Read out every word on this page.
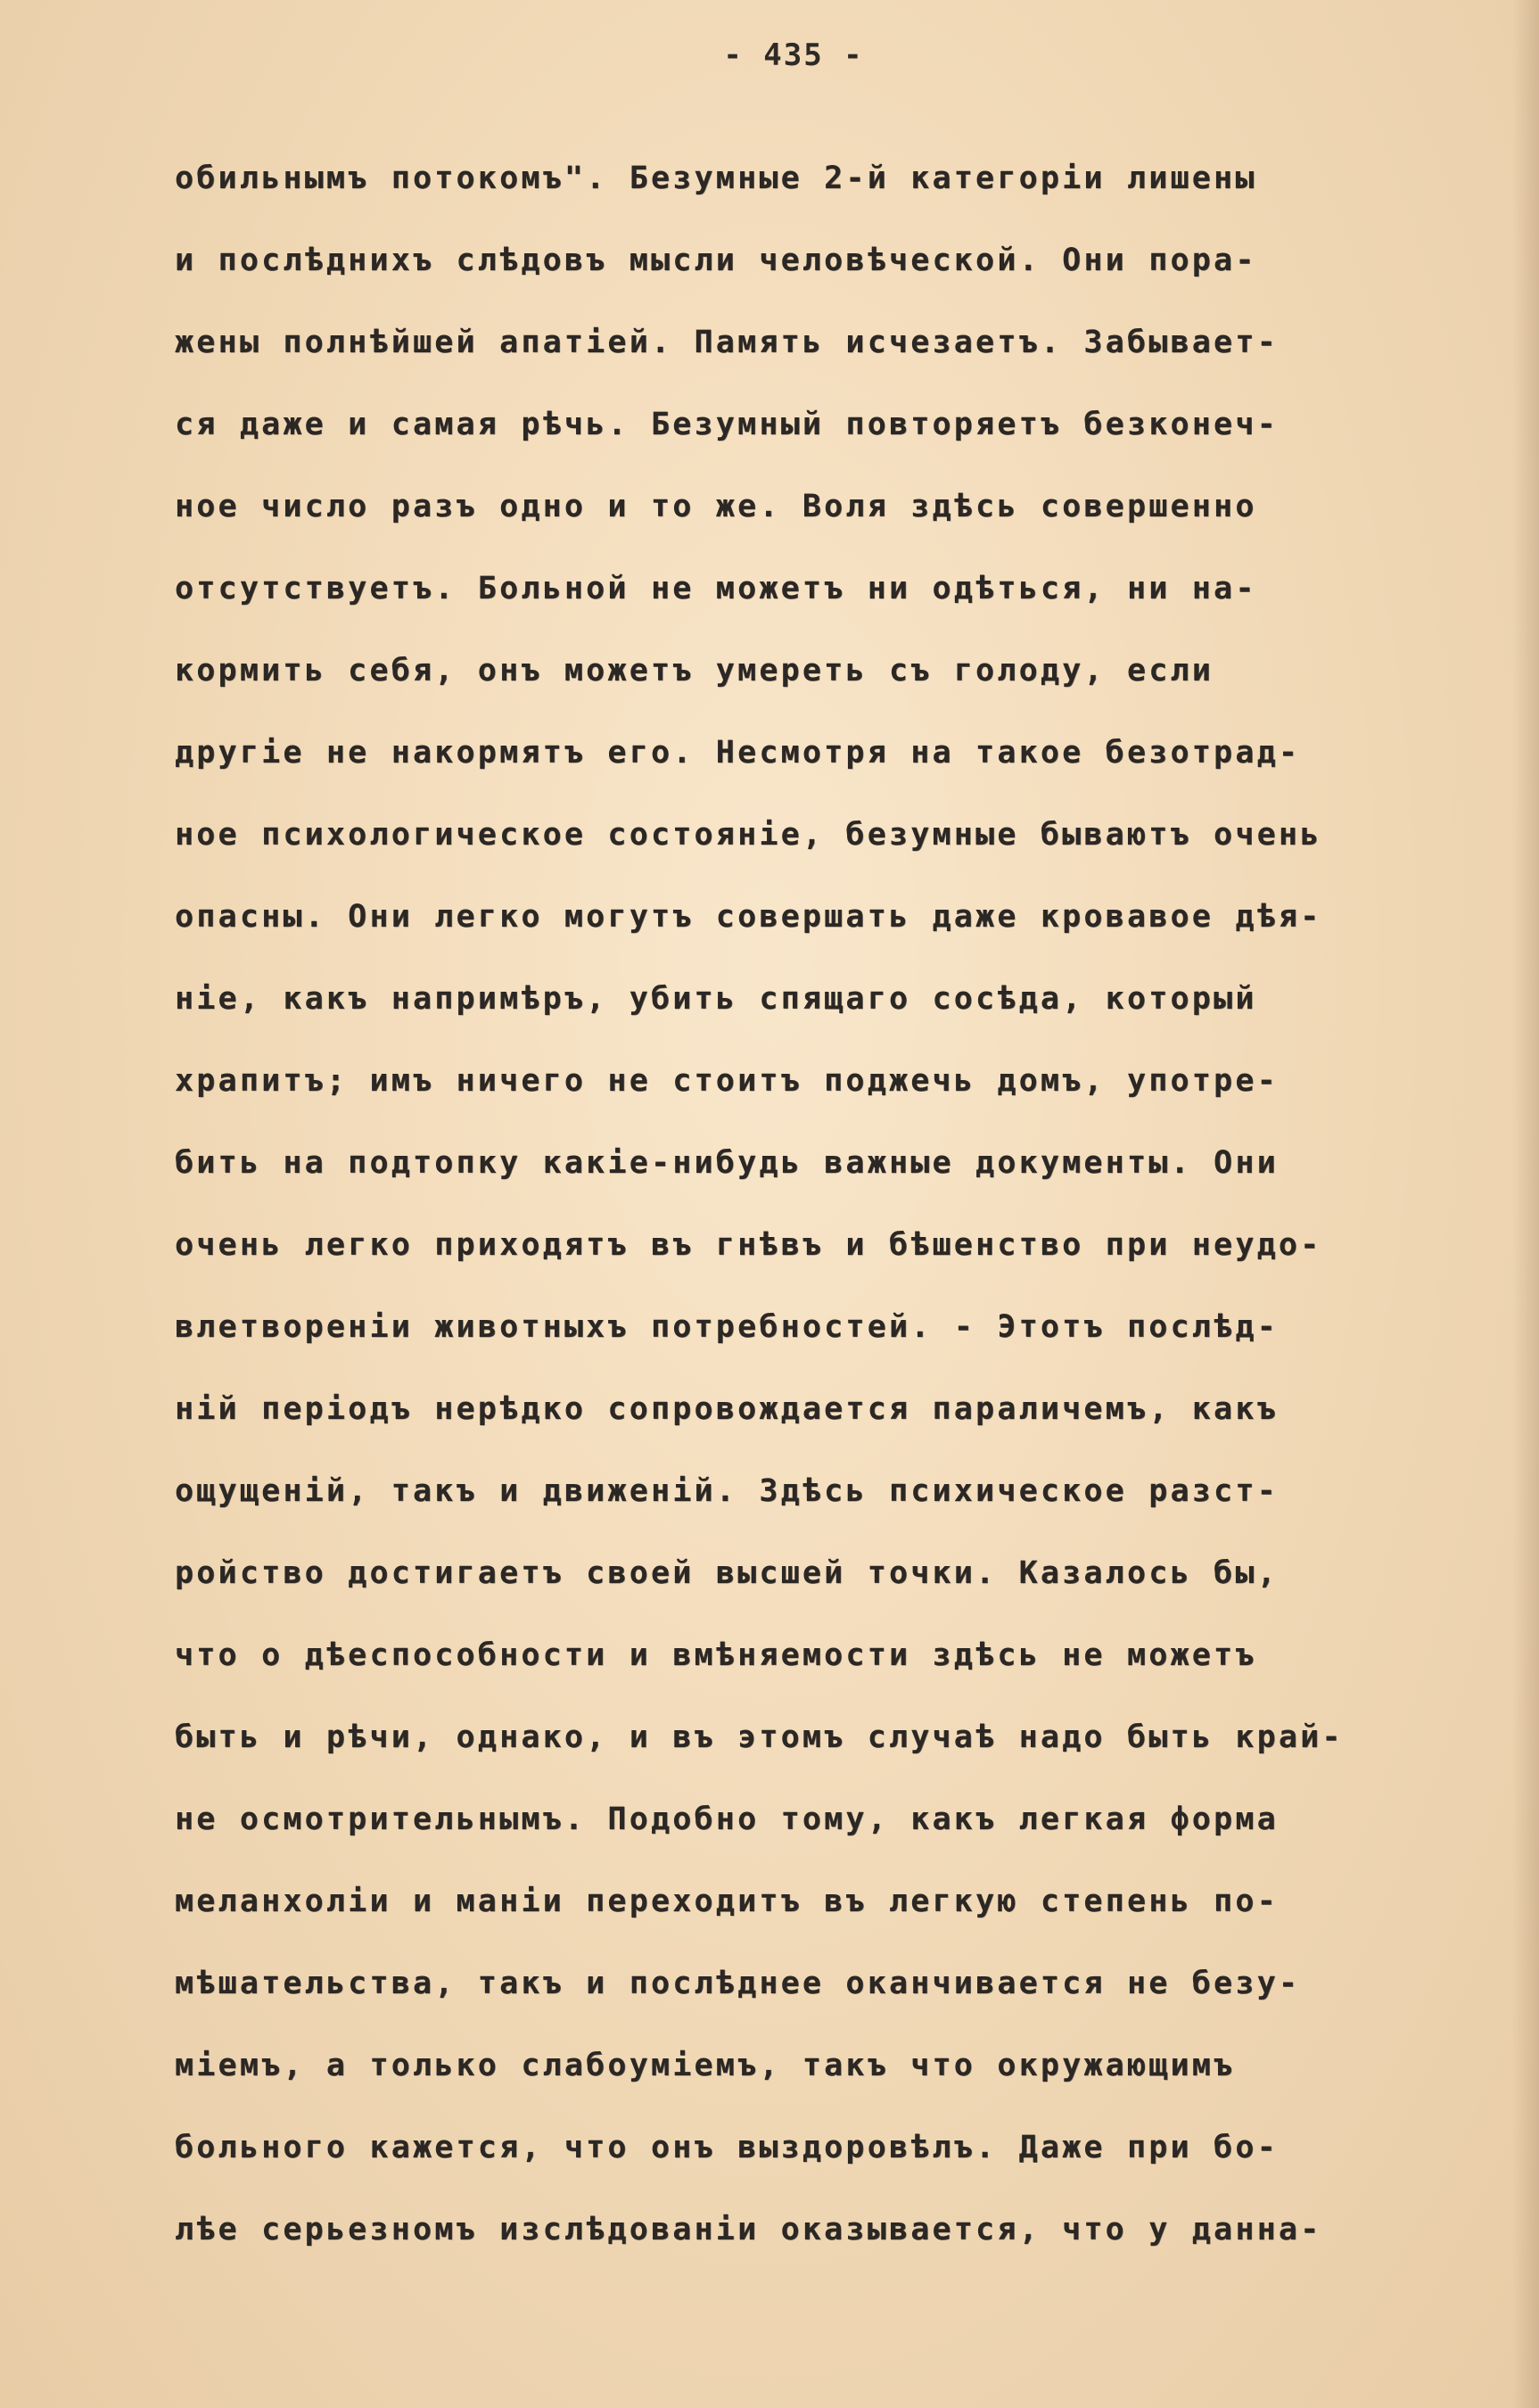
- 435 -
обильнымъ потокомъ". Безумные 2-й категорiи лишены
и послѣднихъ слѣдовъ мысли человѣческой. Они пора-
жены полнѣйшей апатiей. Память исчезаетъ. Забывает-
ся даже и самая рѣчь. Безумный повторяетъ безконеч-
ное число разъ одно и то же. Воля здѣсь совершенно
отсутствуетъ. Больной не можетъ ни одѣться, ни на-
кормить себя, онъ можетъ умереть съ голоду, если
другiе не накормятъ его. Несмотря на такое безотрад-
ное психологическое состоянiе, безумные бываютъ очень
опасны. Они легко могутъ совершать даже кровавое дѣя-
нiе, какъ напримѣръ, убить спящаго сосѣда, который
храпитъ; имъ ничего не стоитъ поджечь домъ, употре-
бить на подтопку какiе-нибудь важные документы. Они
очень легко приходятъ въ гнѣвъ и бѣшенство при неудо-
влетворенiи животныхъ потребностей. - Этотъ послѣд-
нiй перiодъ нерѣдко сопровождается параличемъ, какъ
ощущенiй, такъ и движенiй. Здѣсь психическое разст-
ройство достигаетъ своей высшей точки. Казалось бы,
что о дѣеспособности и вмѣняемости здѣсь не можетъ
быть и рѣчи, однако, и въ этомъ случаѣ надо быть край-
не осмотрительнымъ. Подобно тому, какъ легкая форма
меланхолiи и манiи переходитъ въ легкую степень по-
мѣшательства, такъ и послѣднее оканчивается не безу-
мiемъ, а только слабоумiемъ, такъ что окружающимъ
больного кажется, что онъ выздоровѣлъ. Даже при бо-
лѣе серьезномъ изслѣдованiи оказывается, что у данна-
